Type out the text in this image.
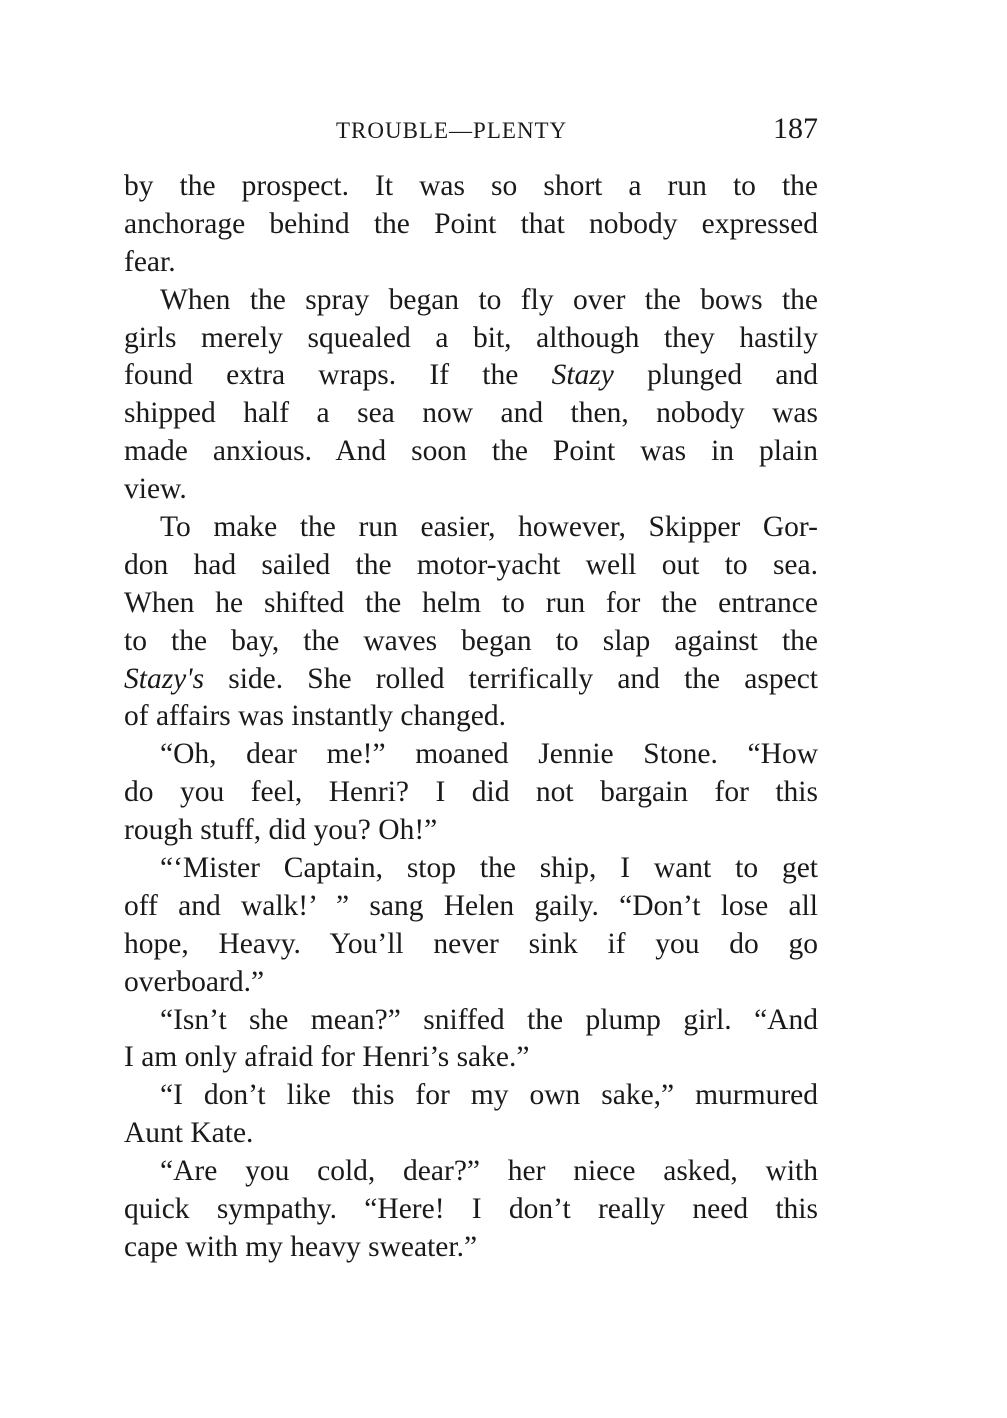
TROUBLE—PLENTY	187
by the prospect. It was so short a run to the
anchorage behind the Point that nobody expressed
fear.
When the spray began to fly over the bows the
girls merely squealed a bit, although they hastily
found extra wraps. If the Stazy plunged and
shipped half a sea now and then, nobody was
made anxious. And soon the Point was in plain
view.
To make the run easier, however, Skipper Gor-
don had sailed the motor-yacht well out to sea.
When he shifted the helm to run for the entrance
to the bay, the waves began to slap against the
Stazy's side. She rolled terrifically and the aspect
of affairs was instantly changed.
“Oh, dear me!” moaned Jennie Stone. “How
do you feel, Henri? I did not bargain for this
rough stuff, did you? Oh!”
“‘Mister Captain, stop the ship, I want to get
off and walk!’ ” sang Helen gaily. “Don’t lose all
hope, Heavy. You’ll never sink if you do go
overboard.”
“Isn’t she mean?” sniffed the plump girl. “And
I am only afraid for Henri’s sake.”
“I don’t like this for my own sake,” murmured
Aunt Kate.
“Are you cold, dear?” her niece asked, with
quick sympathy. “Here! I don’t really need this
cape with my heavy sweater.”
